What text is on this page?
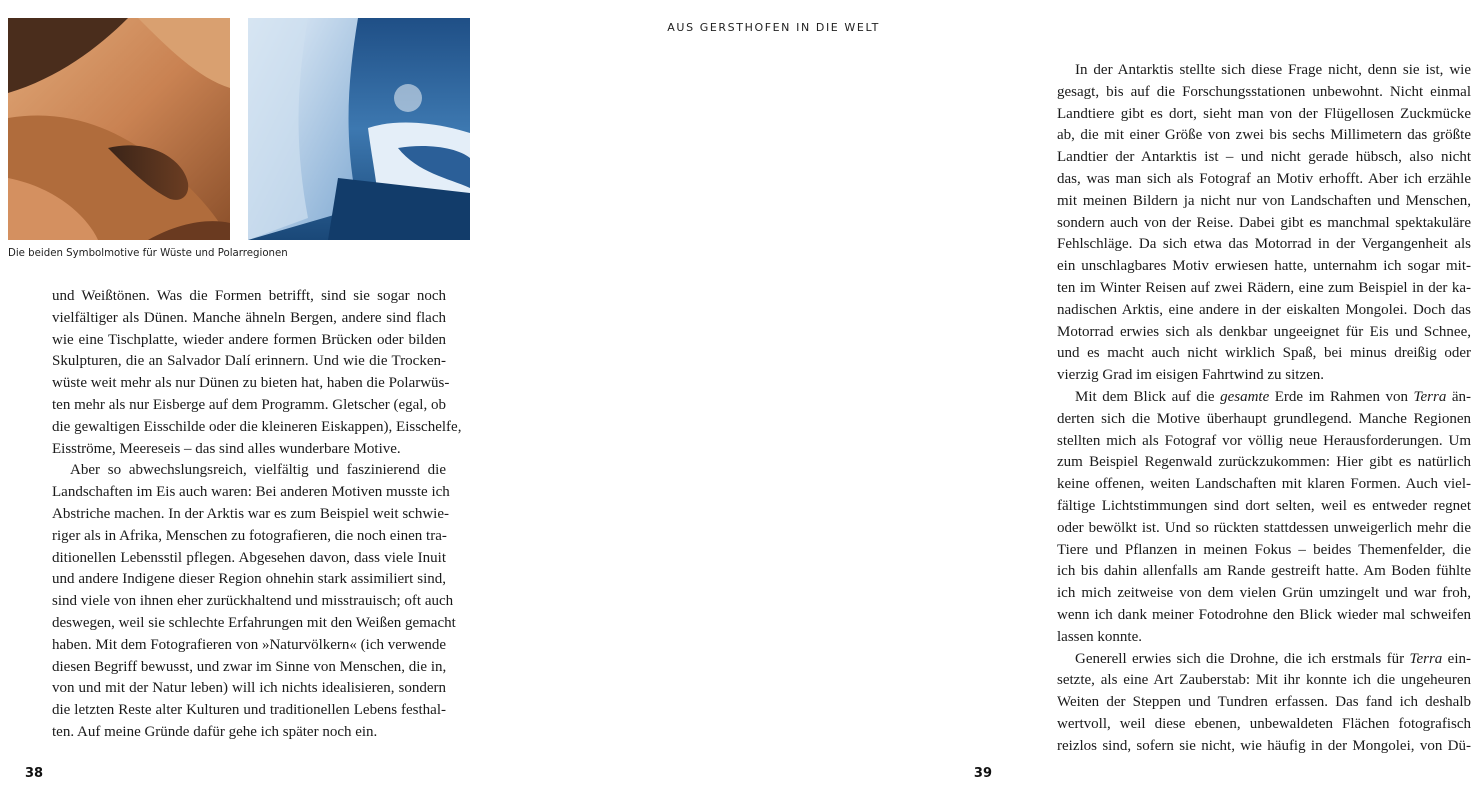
Die beiden Symbolmotive für Wüste und Polarregionen
und Weißtönen. Was die Formen betrifft, sind sie sogar noch
vielfältiger als Dünen. Manche ähneln Bergen, andere sind flach
wie eine Tischplatte, wieder andere formen Brücken oder bilden
Skulpturen, die an Salvador Dalí erinnern. Und wie die Trocken-
wüste weit mehr als nur Dünen zu bieten hat, haben die Polarwüs-
ten mehr als nur Eisberge auf dem Programm. Gletscher (egal, ob
die gewaltigen Eisschilde oder die kleineren Eiskappen), Eisschelfe,
Eisströme, Meereseis – das sind alles wunderbare Motive.
Aber so abwechslungsreich, vielfältig und faszinierend die
Landschaften im Eis auch waren: Bei anderen Motiven musste ich
Abstriche machen. In der Arktis war es zum Beispiel weit schwie-
riger als in Afrika, Menschen zu fotografieren, die noch einen tra-
ditionellen Lebensstil pflegen. Abgesehen davon, dass viele Inuit
und andere Indigene dieser Region ohnehin stark assimiliert sind,
sind viele von ihnen eher zurückhaltend und misstrauisch; oft auch
deswegen, weil sie schlechte Erfahrungen mit den Weißen gemacht
haben. Mit dem Fotografieren von »Naturvölkern« (ich verwende
diesen Begriff bewusst, und zwar im Sinne von Menschen, die in,
von und mit der Natur leben) will ich nichts idealisieren, sondern
die letzten Reste alter Kulturen und traditionellen Lebens festhal-
ten. Auf meine Gründe dafür gehe ich später noch ein.
38
AUS GERSTHOFEN IN DIE WELT
In der Antarktis stellte sich diese Frage nicht, denn sie ist, wie
gesagt, bis auf die Forschungsstationen unbewohnt. Nicht einmal
Landtiere gibt es dort, sieht man von der Flügellosen Zuckmücke
ab, die mit einer Größe von zwei bis sechs Millimetern das größte
Landtier der Antarktis ist – und nicht gerade hübsch, also nicht
das, was man sich als Fotograf an Motiv erhofft. Aber ich erzähle
mit meinen Bildern ja nicht nur von Landschaften und Menschen,
sondern auch von der Reise. Dabei gibt es manchmal spektakuläre
Fehlschläge. Da sich etwa das Motorrad in der Vergangenheit als
ein unschlagbares Motiv erwiesen hatte, unternahm ich sogar mit-
ten im Winter Reisen auf zwei Rädern, eine zum Beispiel in der ka-
nadischen Arktis, eine andere in der eiskalten Mongolei. Doch das
Motorrad erwies sich als denkbar ungeeignet für Eis und Schnee,
und es macht auch nicht wirklich Spaß, bei minus dreißig oder
vierzig Grad im eisigen Fahrtwind zu sitzen.
Mit dem Blick auf die gesamte Erde im Rahmen von Terra än-
derten sich die Motive überhaupt grundlegend. Manche Regionen
stellten mich als Fotograf vor völlig neue Herausforderungen. Um
zum Beispiel Regenwald zurückzukommen: Hier gibt es natürlich
keine offenen, weiten Landschaften mit klaren Formen. Auch viel-
fältige Lichtstimmungen sind dort selten, weil es entweder regnet
oder bewölkt ist. Und so rückten stattdessen unweigerlich mehr die
Tiere und Pflanzen in meinen Fokus – beides Themenfelder, die
ich bis dahin allenfalls am Rande gestreift hatte. Am Boden fühlte
ich mich zeitweise von dem vielen Grün umzingelt und war froh,
wenn ich dank meiner Fotodrohne den Blick wieder mal schweifen
lassen konnte.
Generell erwies sich die Drohne, die ich erstmals für Terra ein-
setzte, als eine Art Zauberstab: Mit ihr konnte ich die ungeheuren
Weiten der Steppen und Tundren erfassen. Das fand ich deshalb
wertvoll, weil diese ebenen, unbewaldeten Flächen fotografisch
reizlos sind, sofern sie nicht, wie häufig in der Mongolei, von Dü-
39
